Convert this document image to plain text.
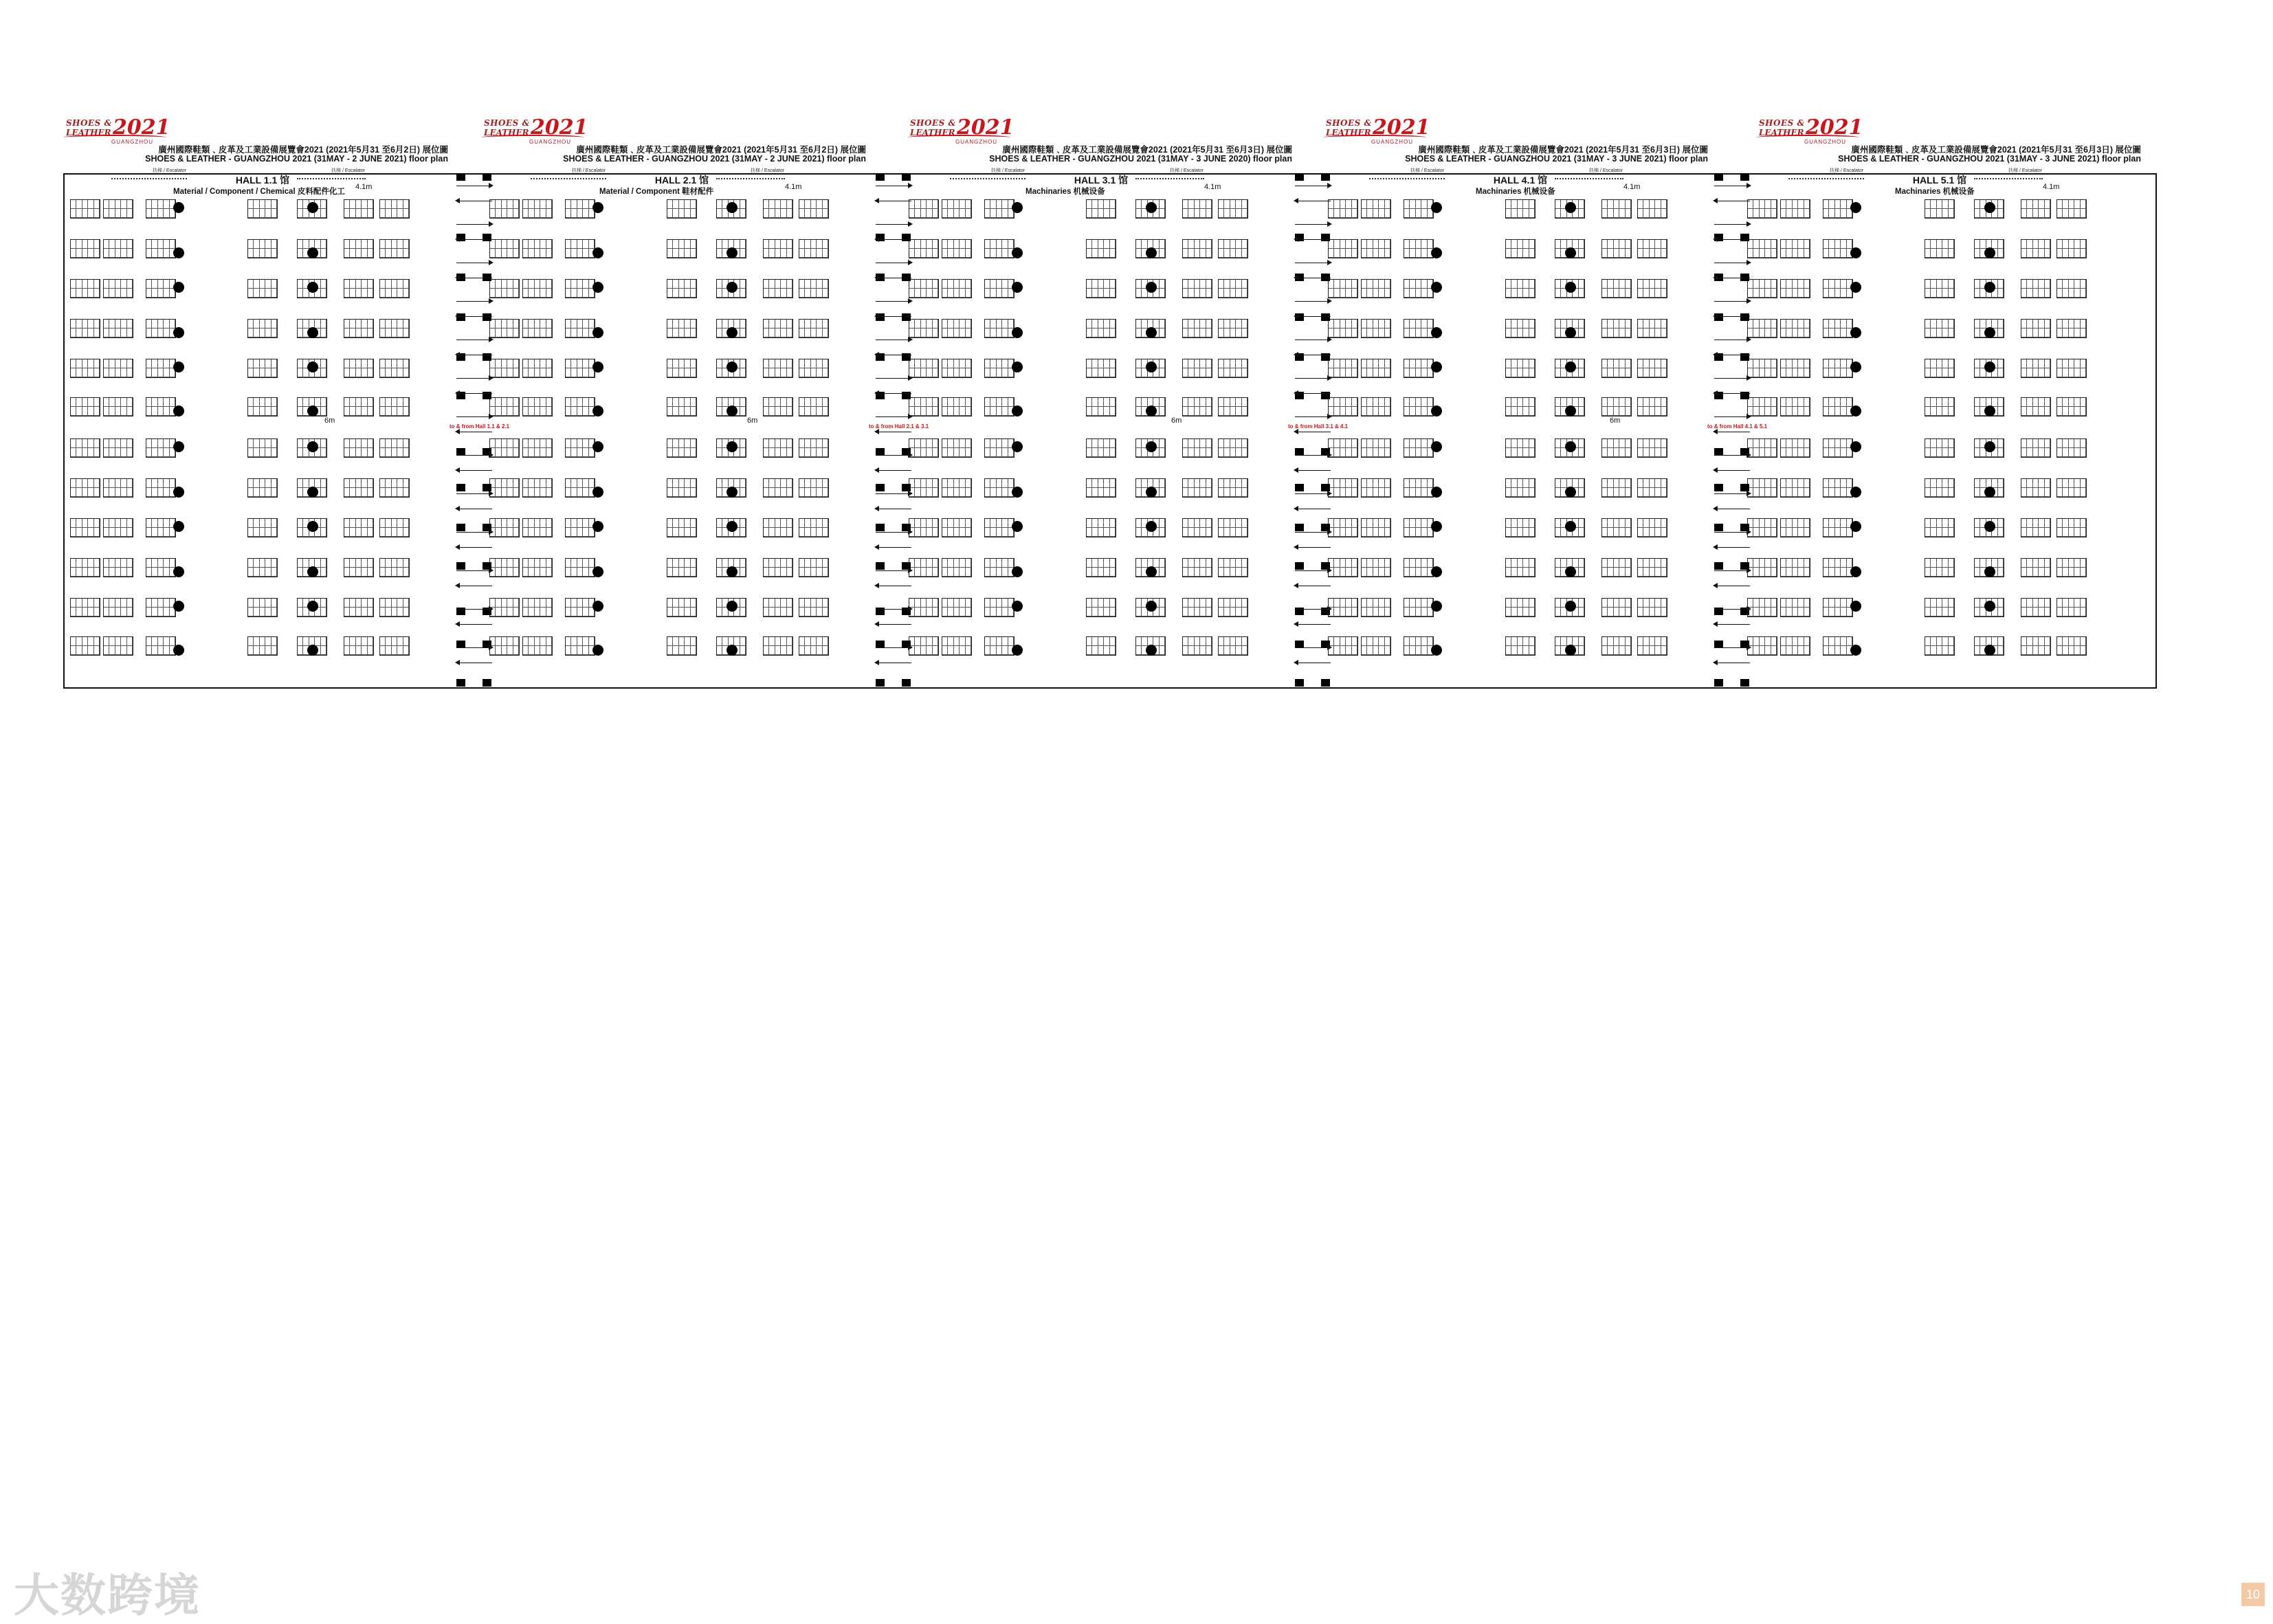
SHOES &
LEATHER 2021
GUANGZHOU
廣州國際鞋類﹑皮革及工業設備展覽會2021 (2021年5月31 至6月2日) 展位圖
SHOES & LEATHER - GUANGZHOU 2021 (31MAY - 2 JUNE 2021) floor plan
扶梯 / Escalator	扶梯 / Escalator
SHOES &
LEATHER 2021
GUANGZHOU
廣州國際鞋類﹑皮革及工業設備展覽會2021 (2021年5月31 至6月2日) 展位圖
SHOES & LEATHER - GUANGZHOU 2021 (31MAY - 2 JUNE 2021) floor plan
扶梯 / Escalator	扶梯 / Escalator
SHOES &
LEATHER 2021
GUANGZHOU
廣州國際鞋類﹑皮革及工業設備展覽會2021 (2021年5月31 至6月3日) 展位圖
SHOES & LEATHER - GUANGZHOU 2021 (31MAY - 3 JUNE 2020) floor plan
扶梯 / Escalator	扶梯 / Escalator
SHOES &
LEATHER 2021
GUANGZHOU
廣州國際鞋類﹑皮革及工業設備展覽會2021 (2021年5月31 至6月3日) 展位圖
SHOES & LEATHER - GUANGZHOU 2021 (31MAY - 3 JUNE 2021) floor plan
扶梯 / Escalator	扶梯 / Escalator
SHOES &
LEATHER 2021
GUANGZHOU
廣州國際鞋類﹑皮革及工業設備展覽會2021 (2021年5月31 至6月3日) 展位圖
SHOES & LEATHER - GUANGZHOU 2021 (31MAY - 3 JUNE 2021) floor plan
扶梯 / Escalator	扶梯 / Escalator
HALL 1.1 馆
Material / Component / Chemical 皮料配件化工
4.1m
6m
HALL 2.1 馆
Material / Component 鞋材配件
4.1m
6m
HALL 3.1 馆
Machinaries 机械设备
4.1m
6m
HALL 4.1 馆
Machinaries 机械设备
4.1m
6m
HALL 5.1 馆
Machinaries 机械设备
4.1m
to & from Hall 1.1 & 2.1	to & from Hall 2.1 & 3.1	to & from Hall 3.1 & 4.1	to & from Hall 4.1 & 5.1
大数跨境	10
